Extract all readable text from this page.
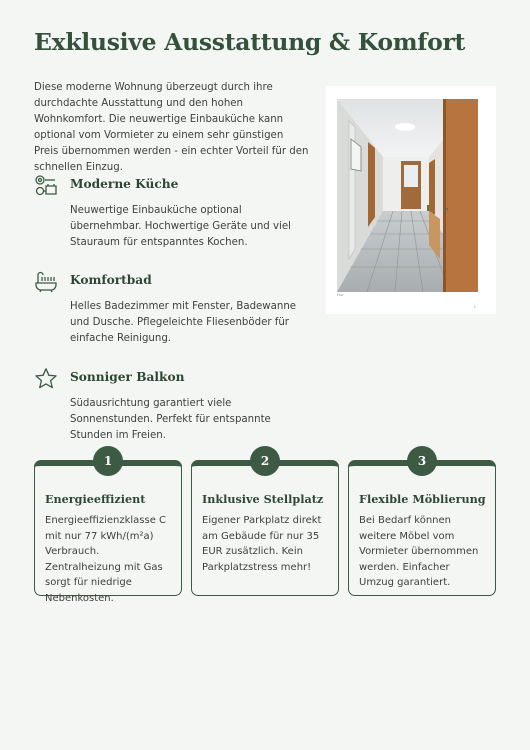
Exklusive Ausstattung & Komfort

Diese moderne Wohnung überzeugt durch ihre durchdachte Ausstattung und den hohen Wohnkomfort. Die neuwertige Einbauküche kann optional vom Vormieter zu einem sehr günstigen Preis übernommen werden - ein echter Vorteil für den schnellen Einzug.

Moderne Küche
Neuwertige Einbauküche optional übernehmbar. Hochwertige Geräte und viel Stauraum für entspanntes Kochen.
Komfortbad
Helles Badezimmer mit Fenster, Badewanne und Dusche. Pflegeleichte Fliesenböder für einfache Reinigung.
Sonniger Balkon
Südausrichtung garantiert viele Sonnenstunden. Perfekt für entspannte Stunden im Freien.
Flur
1
Energieeffizient
Energieeffizienzklasse C mit nur 77 kWh/(m²a) Verbrauch. Zentralheizung mit Gas sorgt für niedrige Nebenkosten.
1
Inklusive Stellplatz
Eigener Parkplatz direkt am Gebäude für nur 35 EUR zusätzlich. Kein Parkplatzstress mehr!
2
Flexible Möblierung
Bei Bedarf können weitere Möbel vom Vormieter übernommen werden. Einfacher Umzug garantiert.
3
